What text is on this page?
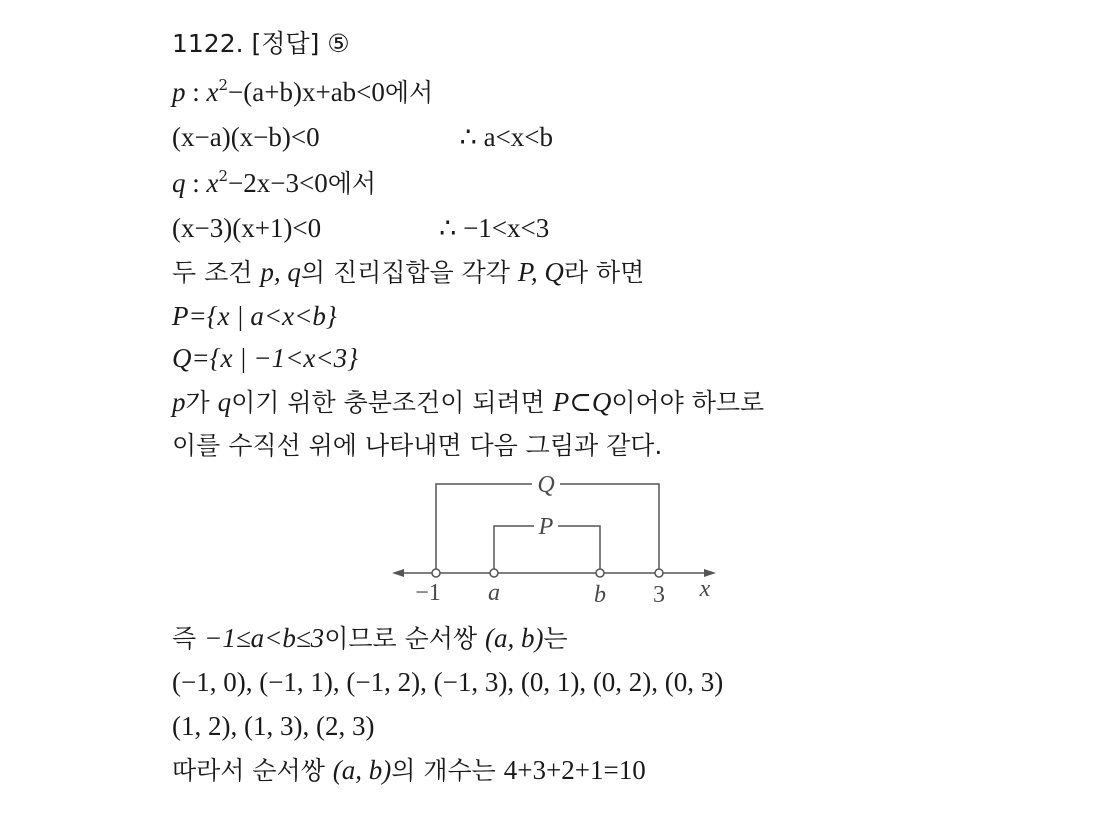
1122. [정답] ⑤
p : $x^2-(a+b)x+ab<0$에서
(x−a)(x−b)<0	∴ a<x<b
q : $x^2-2x-3<0$에서
(x−3)(x+1)<0	∴ −1<x<3
두 조건 p, q의 진리집합을 각각 P, Q라 하면
P={x | a<x<b}
Q={x | −1<x<3}
p가 q이기 위한 충분조건이 되려면 P⊂Q이어야 하므로
이를 수직선 위에 나타내면 다음 그림과 같다.
Q
P
−1 a	b 3 x
즉 −1≤a<b≤3이므로 순서쌍 (a, b)는
(−1, 0), (−1, 1), (−1, 2), (−1, 3), (0, 1), (0, 2), (0, 3)
(1, 2), (1, 3), (2, 3)
따라서 순서쌍 (a, b)의 개수는 4+3+2+1=10
